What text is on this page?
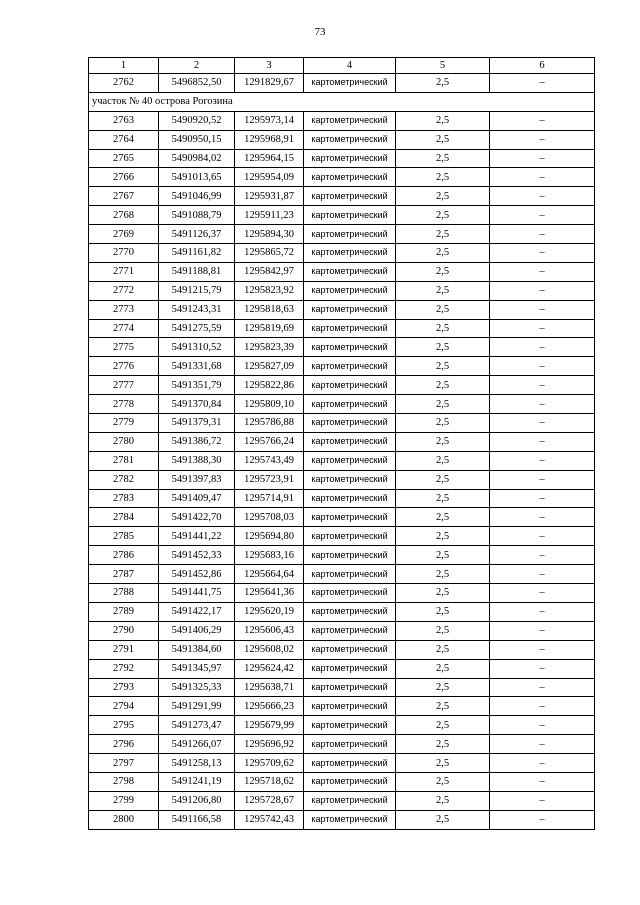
73
1	2	3	4	5	6
2762	5496852,50	1291829,67	картометрический	2,5	–
участок № 40 острова Рогозина					
2763	5490920,52	1295973,14	картометрический	2,5	–
2764	5490950,15	1295968,91	картометрический	2,5	–
2765	5490984,02	1295964,15	картометрический	2,5	–
2766	5491013,65	1295954,09	картометрический	2,5	–
2767	5491046,99	1295931,87	картометрический	2,5	–
2768	5491088,79	1295911,23	картометрический	2,5	–
2769	5491126,37	1295894,30	картометрический	2,5	–
2770	5491161,82	1295865,72	картометрический	2,5	–
2771	5491188,81	1295842,97	картометрический	2,5	–
2772	5491215,79	1295823,92	картометрический	2,5	–
2773	5491243,31	1295818,63	картометрический	2,5	–
2774	5491275,59	1295819,69	картометрический	2,5	–
2775	5491310,52	1295823,39	картометрический	2,5	–
2776	5491331,68	1295827,09	картометрический	2,5	–
2777	5491351,79	1295822,86	картометрический	2,5	–
2778	5491370,84	1295809,10	картометрический	2,5	–
2779	5491379,31	1295786,88	картометрический	2,5	–
2780	5491386,72	1295766,24	картометрический	2,5	–
2781	5491388,30	1295743,49	картометрический	2,5	–
2782	5491397,83	1295723,91	картометрический	2,5	–
2783	5491409,47	1295714,91	картометрический	2,5	–
2784	5491422,70	1295708,03	картометрический	2,5	–
2785	5491441,22	1295694,80	картометрический	2,5	–
2786	5491452,33	1295683,16	картометрический	2,5	–
2787	5491452,86	1295664,64	картометрический	2,5	–
2788	5491441,75	1295641,36	картометрический	2,5	–
2789	5491422,17	1295620,19	картометрический	2,5	–
2790	5491406,29	1295606,43	картометрический	2,5	–
2791	5491384,60	1295608,02	картометрический	2,5	–
2792	5491345,97	1295624,42	картометрический	2,5	–
2793	5491325,33	1295638,71	картометрический	2,5	–
2794	5491291,99	1295666,23	картометрический	2,5	–
2795	5491273,47	1295679,99	картометрический	2,5	–
2796	5491266,07	1295696,92	картометрический	2,5	–
2797	5491258,13	1295709,62	картометрический	2,5	–
2798	5491241,19	1295718,62	картометрический	2,5	–
2799	5491206,80	1295728,67	картометрический	2,5	–
2800	5491166,58	1295742,43	картометрический	2,5	–
